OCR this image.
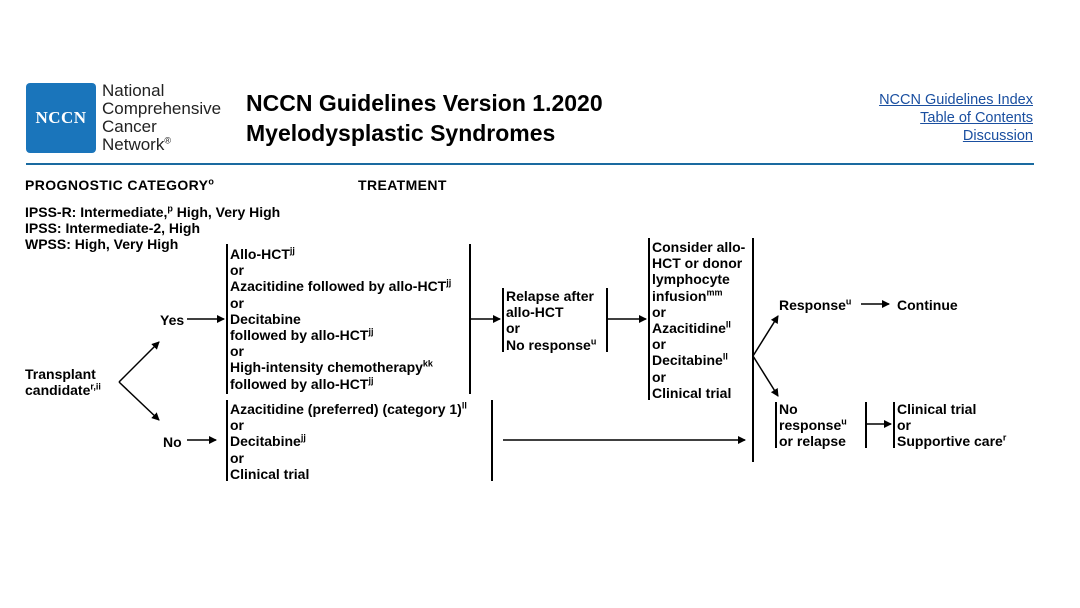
NCCN
National
Comprehensive
Cancer
Network®
NCCN Guidelines Version 1.2020
Myelodysplastic Syndromes
NCCN Guidelines Index
Table of Contents
Discussion
PROGNOSTIC CATEGORY$^o$	TREATMENT
IPSS-R: Intermediate,$^p$ High, Very High
IPSS: Intermediate-2, High
WPSS: High, Very High
Transplant
candidate$^{r,ii}$
Yes
No
Allo-$HCT^{jj}$
or
Azacitidine followed by allo-$HCT^{jj}$
or
Decitabine
followed by allo-$HCT^{jj}$
or
High-intensity chemotherapy$^{kk}$
followed by allo-$HCT^{jj}$
Azacitidine (preferred) (category 1)$^{ll}$
or
Decitabine$^{jj}$
or
Clinical trial
Relapse after
allo-HCT
or
No response$^u$
Consider allo-
HCT or donor
lymphocyte
infusion$^{mm}$
or
Azacitidine$^{ll}$
or
Decitabine$^{ll}$
or
Clinical trial
Response$^u$	Continue
No
response$^u$
or relapse
Clinical trial
or
Supportive care$^r$
